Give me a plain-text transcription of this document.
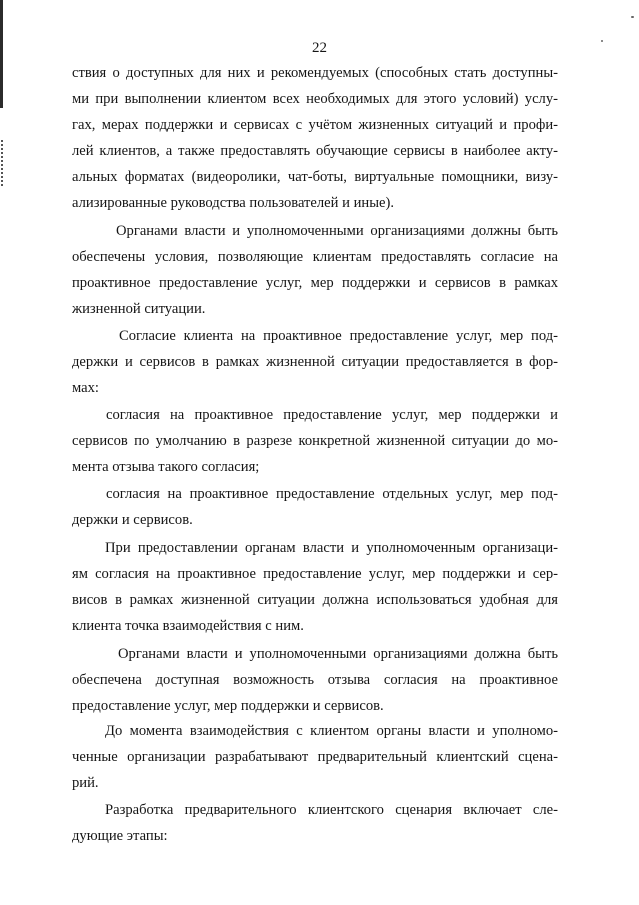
22
ствия о доступных для них и рекомендуемых (способных стать доступны-
ми при выполнении клиентом всех необходимых для этого условий) услу-
гах, мерах поддержки и сервисах с учётом жизненных ситуаций и профи-
лей клиентов, а также предоставлять обучающие сервисы в наиболее акту-
альных форматах (видеоролики, чат-боты, виртуальные помощники, визу-
ализированные руководства пользователей и иные).
Органами власти и уполномоченными организациями должны быть
обеспечены условия, позволяющие клиентам предоставлять согласие на
проактивное предоставление услуг, мер поддержки и сервисов в рамках
жизненной ситуации.
Согласие клиента на проактивное предоставление услуг, мер под-
держки и сервисов в рамках жизненной ситуации предоставляется в фор-
мах:
согласия на проактивное предоставление услуг, мер поддержки и
сервисов по умолчанию в разрезе конкретной жизненной ситуации до мо-
мента отзыва такого согласия;
согласия на проактивное предоставление отдельных услуг, мер под-
держки и сервисов.
При предоставлении органам власти и уполномоченным организаци-
ям согласия на проактивное предоставление услуг, мер поддержки и сер-
висов в рамках жизненной ситуации должна использоваться удобная для
клиента точка взаимодействия с ним.
Органами власти и уполномоченными организациями должна быть
обеспечена доступная возможность отзыва согласия на проактивное
предоставление услуг, мер поддержки и сервисов.
До момента взаимодействия с клиентом органы власти и уполномо-
ченные организации разрабатывают предварительный клиентский сцена-
рий.
Разработка предварительного клиентского сценария включает сле-
дующие этапы:
